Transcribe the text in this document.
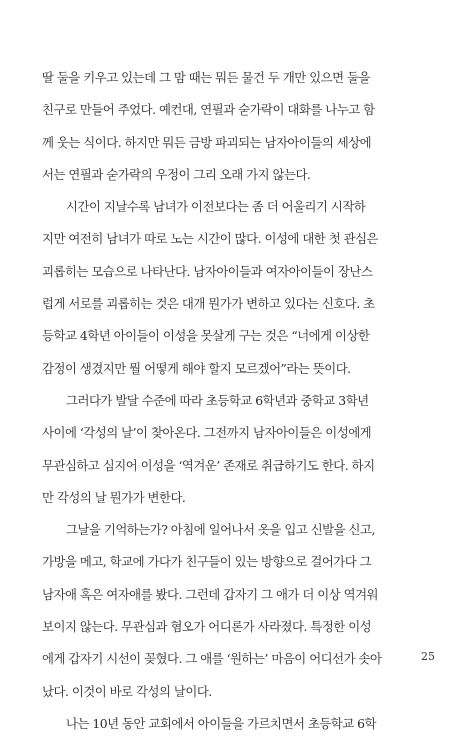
딸 둘을 키우고 있는데 그 맘 때는 뭐든 물건 두 개만 있으면 둘을
친구로 만들어 주었다. 예컨대, 연필과 숟가락이 대화를 나누고 함
께 웃는 식이다. 하지만 뭐든 금방 파괴되는 남자아이들의 세상에
서는 연필과 숟가락의 우정이 그리 오래 가지 않는다.
시간이 지날수록 남녀가 이전보다는 좀 더 어울리기 시작하
지만 여전히 남녀가 따로 노는 시간이 많다. 이성에 대한 첫 관심은
괴롭히는 모습으로 나타난다. 남자아이들과 여자아이들이 장난스
럽게 서로를 괴롭히는 것은 대개 뭔가가 변하고 있다는 신호다. 초
등학교 4학년 아이들이 이성을 못살게 구는 것은 “너에게 이상한
감정이 생겼지만 뭘 어떻게 해야 할지 모르겠어”라는 뜻이다.
그러다가 발달 수준에 따라 초등학교 6학년과 중학교 3학년
사이에 ‘각성의 날’이 찾아온다. 그전까지 남자아이들은 이성에게
무관심하고 심지어 이성을 ‘역겨운’ 존재로 취급하기도 한다. 하지
만 각성의 날 뭔가가 변한다.
그날을 기억하는가? 아침에 일어나서 옷을 입고 신발을 신고,
가방을 메고, 학교에 가다가 친구들이 있는 방향으로 걸어가다 그
남자애 혹은 여자애를 봤다. 그런데 갑자기 그 애가 더 이상 역겨워
보이지 않는다. 무관심과 혐오가 어디론가 사라졌다. 특정한 이성
에게 갑자기 시선이 꽂혔다. 그 애를 ‘원하는’ 마음이 어디선가 솟아
났다. 이것이 바로 각성의 날이다.
나는 10년 동안 교회에서 아이들을 가르치면서 초등학교 6학
25
